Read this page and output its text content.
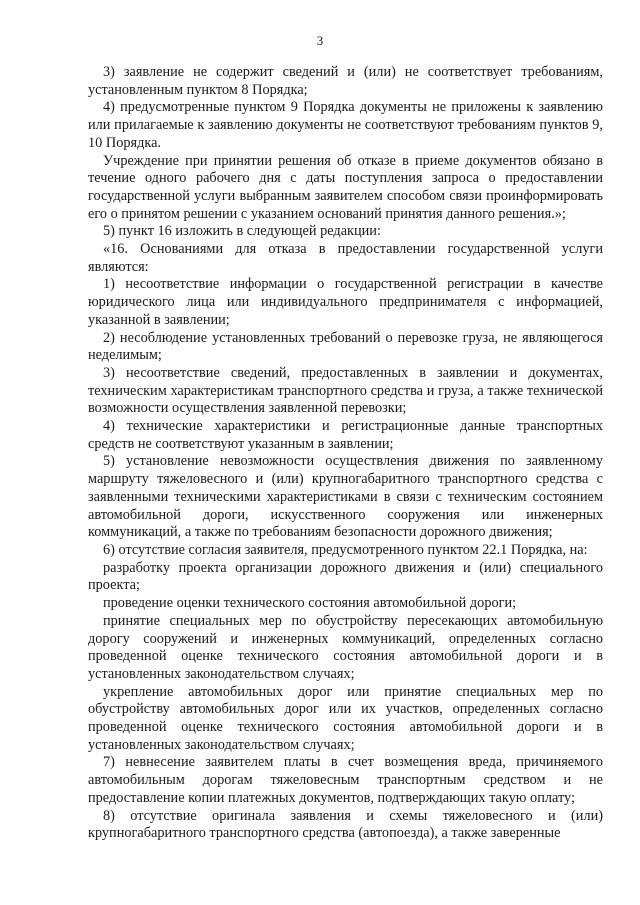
3

3) заявление не содержит сведений и (или) не соответствует требованиям, установленным пунктом 8 Порядка;

4) предусмотренные пунктом 9 Порядка документы не приложены к заявлению или прилагаемые к заявлению документы не соответствуют требованиям пунктов 9, 10 Порядка.

Учреждение при принятии решения об отказе в приеме документов обязано в течение одного рабочего дня с даты поступления запроса о предоставлении государственной услуги выбранным заявителем способом связи проинформировать его о принятом решении с указанием оснований принятия данного решения.»;

5) пункт 16 изложить в следующей редакции:

«16. Основаниями для отказа в предоставлении государственной услуги являются:

1) несоответствие информации о государственной регистрации в качестве юридического лица или индивидуального предпринимателя с информацией, указанной в заявлении;

2) несоблюдение установленных требований о перевозке груза, не являющегося неделимым;

3) несоответствие сведений, предоставленных в заявлении и документах, техническим характеристикам транспортного средства и груза, а также технической возможности осуществления заявленной перевозки;

4) технические характеристики и регистрационные данные транспортных средств не соответствуют указанным в заявлении;

5) установление невозможности осуществления движения по заявленному маршруту тяжеловесного и (или) крупногабаритного транспортного средства с заявленными техническими характеристиками в связи с техническим состоянием автомобильной дороги, искусственного сооружения или инженерных коммуникаций, а также по требованиям безопасности дорожного движения;

6) отсутствие согласия заявителя, предусмотренного пунктом 22.1 Порядка, на:

разработку проекта организации дорожного движения и (или) специального проекта;

проведение оценки технического состояния автомобильной дороги;

принятие специальных мер по обустройству пересекающих автомобильную дорогу сооружений и инженерных коммуникаций, определенных согласно проведенной оценке технического состояния автомобильной дороги и в установленных законодательством случаях;

укрепление автомобильных дорог или принятие специальных мер по обустройству автомобильных дорог или их участков, определенных согласно проведенной оценке технического состояния автомобильной дороги и в установленных законодательством случаях;

7) невнесение заявителем платы в счет возмещения вреда, причиняемого автомобильным дорогам тяжеловесным транспортным средством и не предоставление копии платежных документов, подтверждающих такую оплату;

8) отсутствие оригинала заявления и схемы тяжеловесного и (или) крупногабаритного транспортного средства (автопоезда), а также заверенные
